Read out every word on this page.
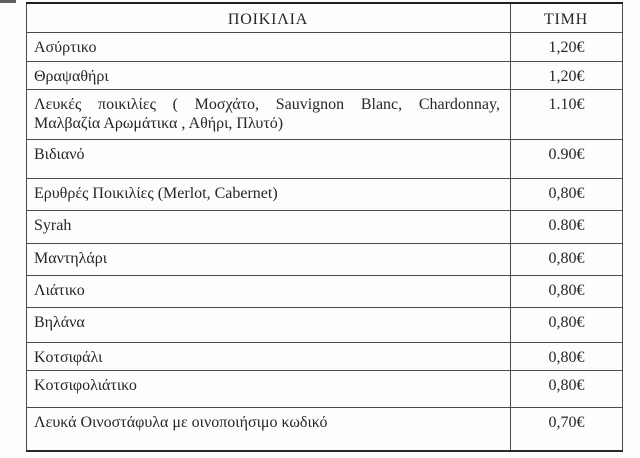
ΠΟΙΚΙΛΙΑ	ΤΙΜΗ
Ασύρτικο	1,20€
Θραψαθήρι	1,20€

Λευκές ποικιλίες ( Μοσχάτο, Sauvignon Blanc, Chardonnay,
Μαλβαζία Αρωμάτικα , Αθήρι, Πλυτό)	1.10€
Βιδιανό	0.90€
Ερυθρές Ποικιλίες (Merlot, Cabernet)	0,80€
Syrah	0.80€
Μαντηλάρι	0,80€
Λιάτικο	0,80€
Βηλάνα	0,80€
Κοτσιφάλι	0,80€
Κοτσιφολιάτικο	0,80€
Λευκά Οινοστάφυλα με οινοποιήσιμο κωδικό	0,70€
